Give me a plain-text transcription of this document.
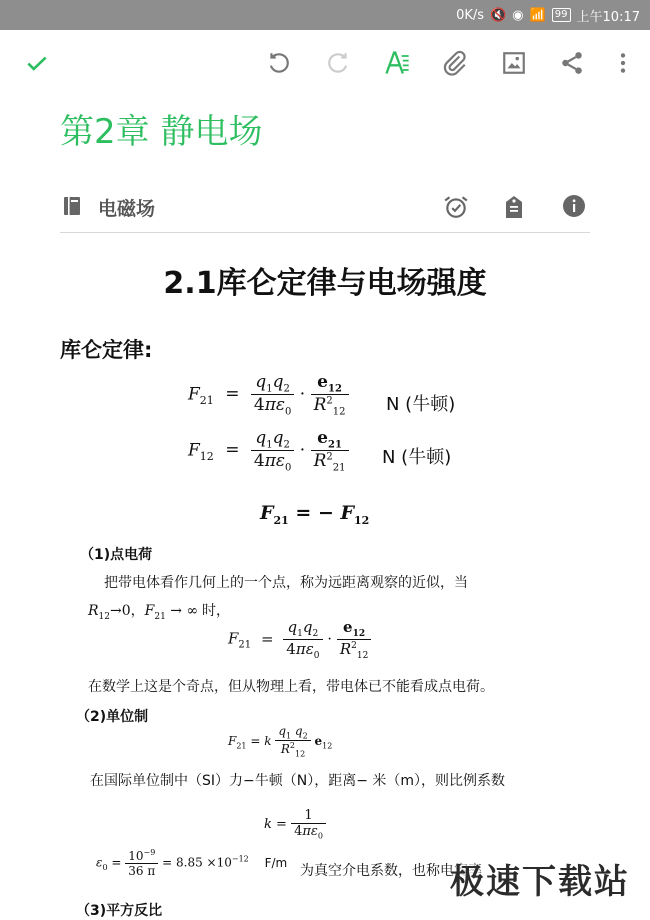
0K/s 🔇 ◉ 📶 99 上午10:17
第2章 静电场
电磁场
2.1库仑定律与电场强度
库仑定律:
$F_{21} = \frac{q_1q_2}{4\pi\varepsilon_0} \cdot \frac{e_{12}}{R^2_{12}}$ N (牛顿)
$F_{12} = \frac{q_1q_2}{4\pi\varepsilon_0} \cdot \frac{e_{21}}{R^2_{21}}$ N (牛顿)
$F_{21}$ = − $F_{12}$
（1)点电荷
把带电体看作几何上的一个点，称为远距离观察的近似，当
$R_{12}\to 0$，$F_{21}$ → ∞ 时，
$F_{21} = \frac{q_1q_2}{4\pi\varepsilon_0} \cdot \frac{e_{12}}{R^2_{12}}$
在数学上这是个奇点，但从物理上看，带电体已不能看成点电荷。
（2)单位制
$F_{21} = k \frac{q_1 q_2}{R^2_{12}} e_{12}$
在国际单位制中（SI）力−牛顿（N），距离− 米（m），则比例系数
$k = \frac{1}{4\pi\varepsilon_0}$
$\varepsilon_0 = \frac{10^{-9}}{36 \pi} = 8.85 \times 10^{-12}$ F/m
为真空介电系数，也称电容率
（3)平方反比
极速下载站
